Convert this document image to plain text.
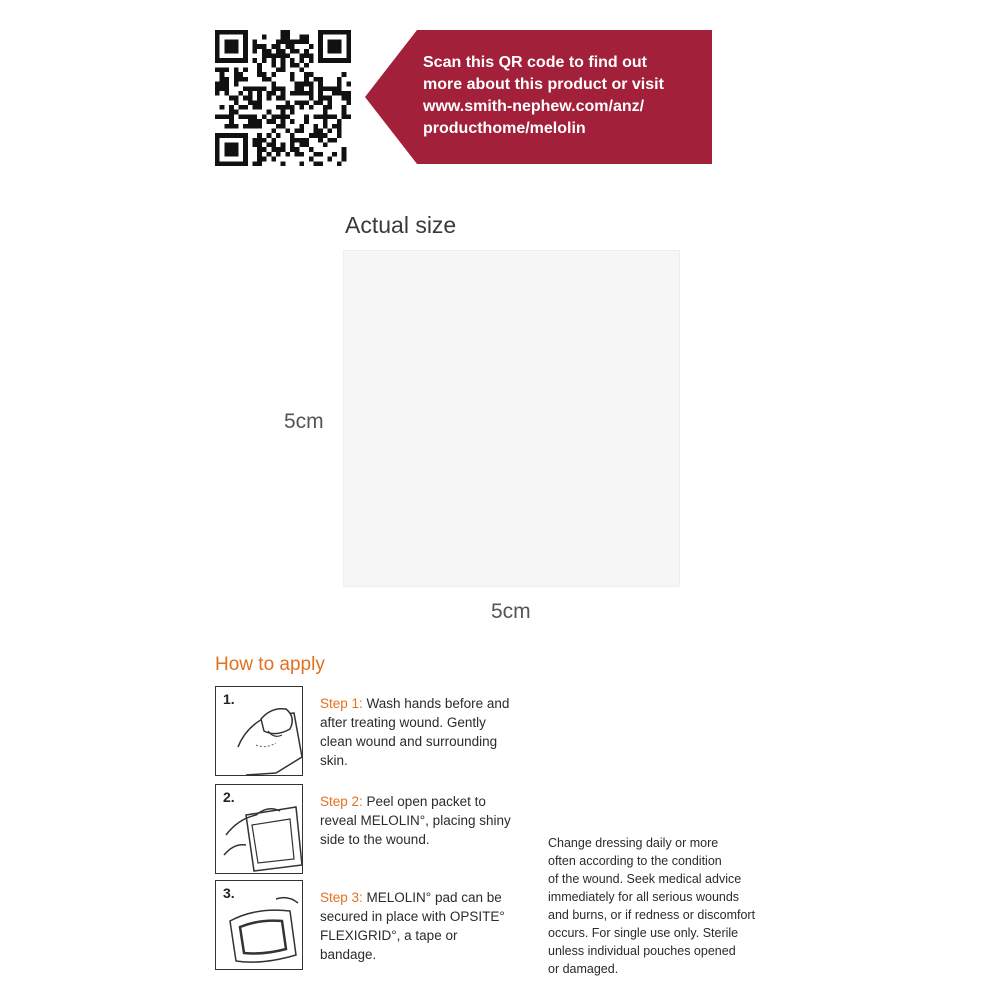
Scan this QR code to find out
more about this product or visit
www.smith-nephew.com/anz/
producthome/melolin
Actual size
5cm
5cm
How to apply
1.	Step 1: Wash hands before and after treating wound. Gently clean wound and surrounding skin.
2.	Step 2: Peel open packet to reveal MELOLIN°, placing shiny side to the wound.
3.	Step 3: MELOLIN° pad can be secured in place with OPSITE° FLEXIGRID°, a tape or bandage.
Change dressing daily or more
often according to the condition
of the wound. Seek medical advice
immediately for all serious wounds
and burns, or if redness or discomfort
occurs. For single use only. Sterile
unless individual pouches opened
or damaged.
